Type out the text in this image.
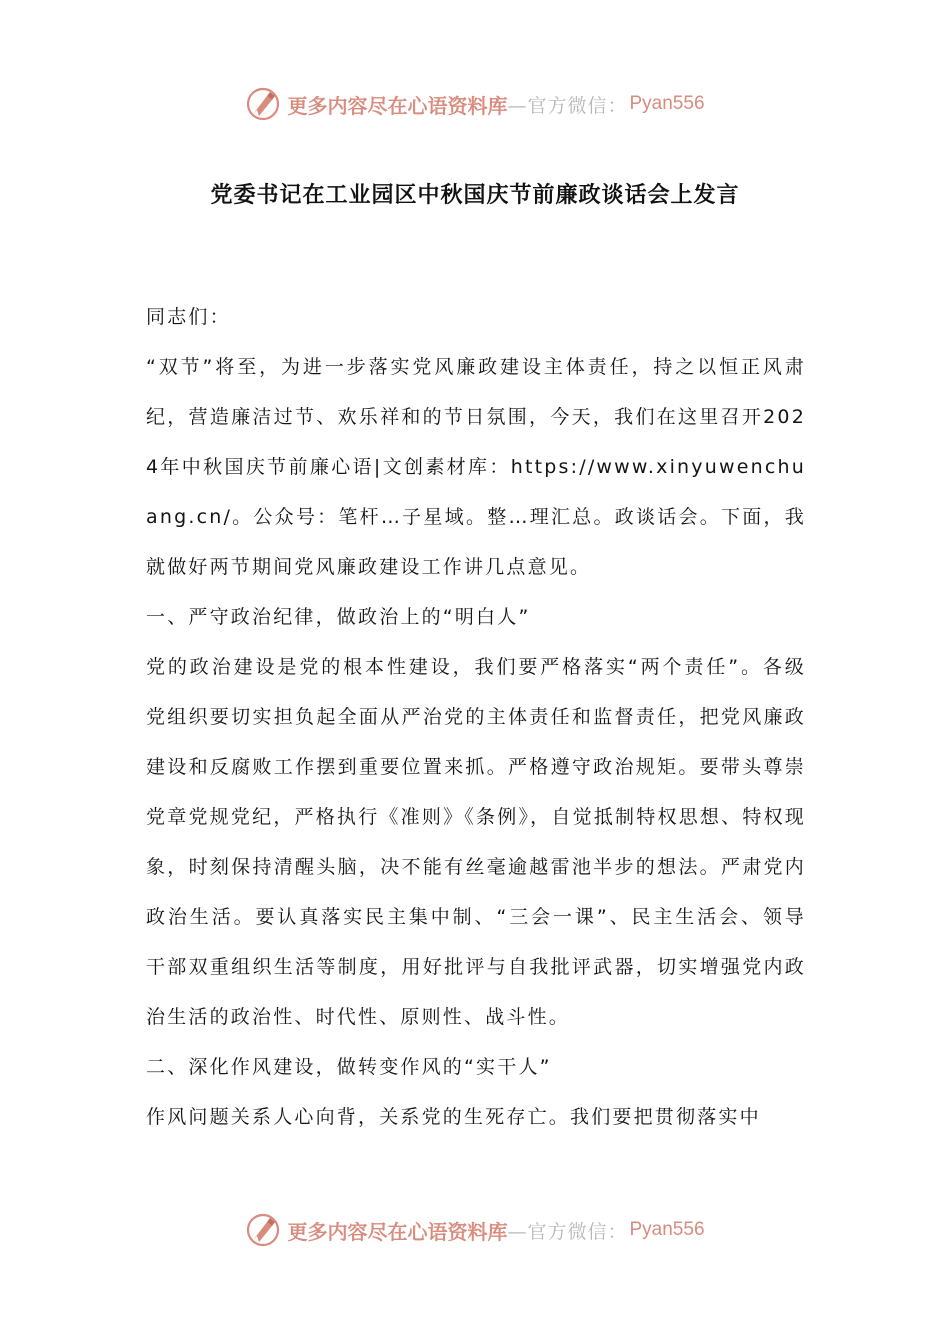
更多内容尽在心语资料库 —官方微信： Pyan556
党委书记在工业园区中秋国庆节前廉政谈话会上发言

同志们：

“双节”将至，为进一步落实党风廉政建设主体责任，持之以恒正风肃纪，营造廉洁过节、欢乐祥和的节日氛围，今天，我们在这里召开2024年中秋国庆节前廉心语|文创素材库：https://www.xinyuwenchuang.cn/。公众号：笔杆…子星域。整…理汇总。政谈话会。下面，我就做好两节期间党风廉政建设工作讲几点意见。

一、严守政治纪律，做政治上的“明白人”

党的政治建设是党的根本性建设，我们要严格落实“两个责任”。各级党组织要切实担负起全面从严治党的主体责任和监督责任，把党风廉政建设和反腐败工作摆到重要位置来抓。严格遵守政治规矩。要带头尊崇党章党规党纪，严格执行《准则》《条例》，自觉抵制特权思想、特权现象，时刻保持清醒头脑，决不能有丝毫逾越雷池半步的想法。严肃党内政治生活。要认真落实民主集中制、“三会一课”、民主生活会、领导干部双重组织生活等制度，用好批评与自我批评武器，切实增强党内政治生活的政治性、时代性、原则性、战斗性。

二、深化作风建设，做转变作风的“实干人”

作风问题关系人心向背，关系党的生死存亡。我们要把贯彻落实中

更多内容尽在心语资料库 —官方微信： Pyan556
